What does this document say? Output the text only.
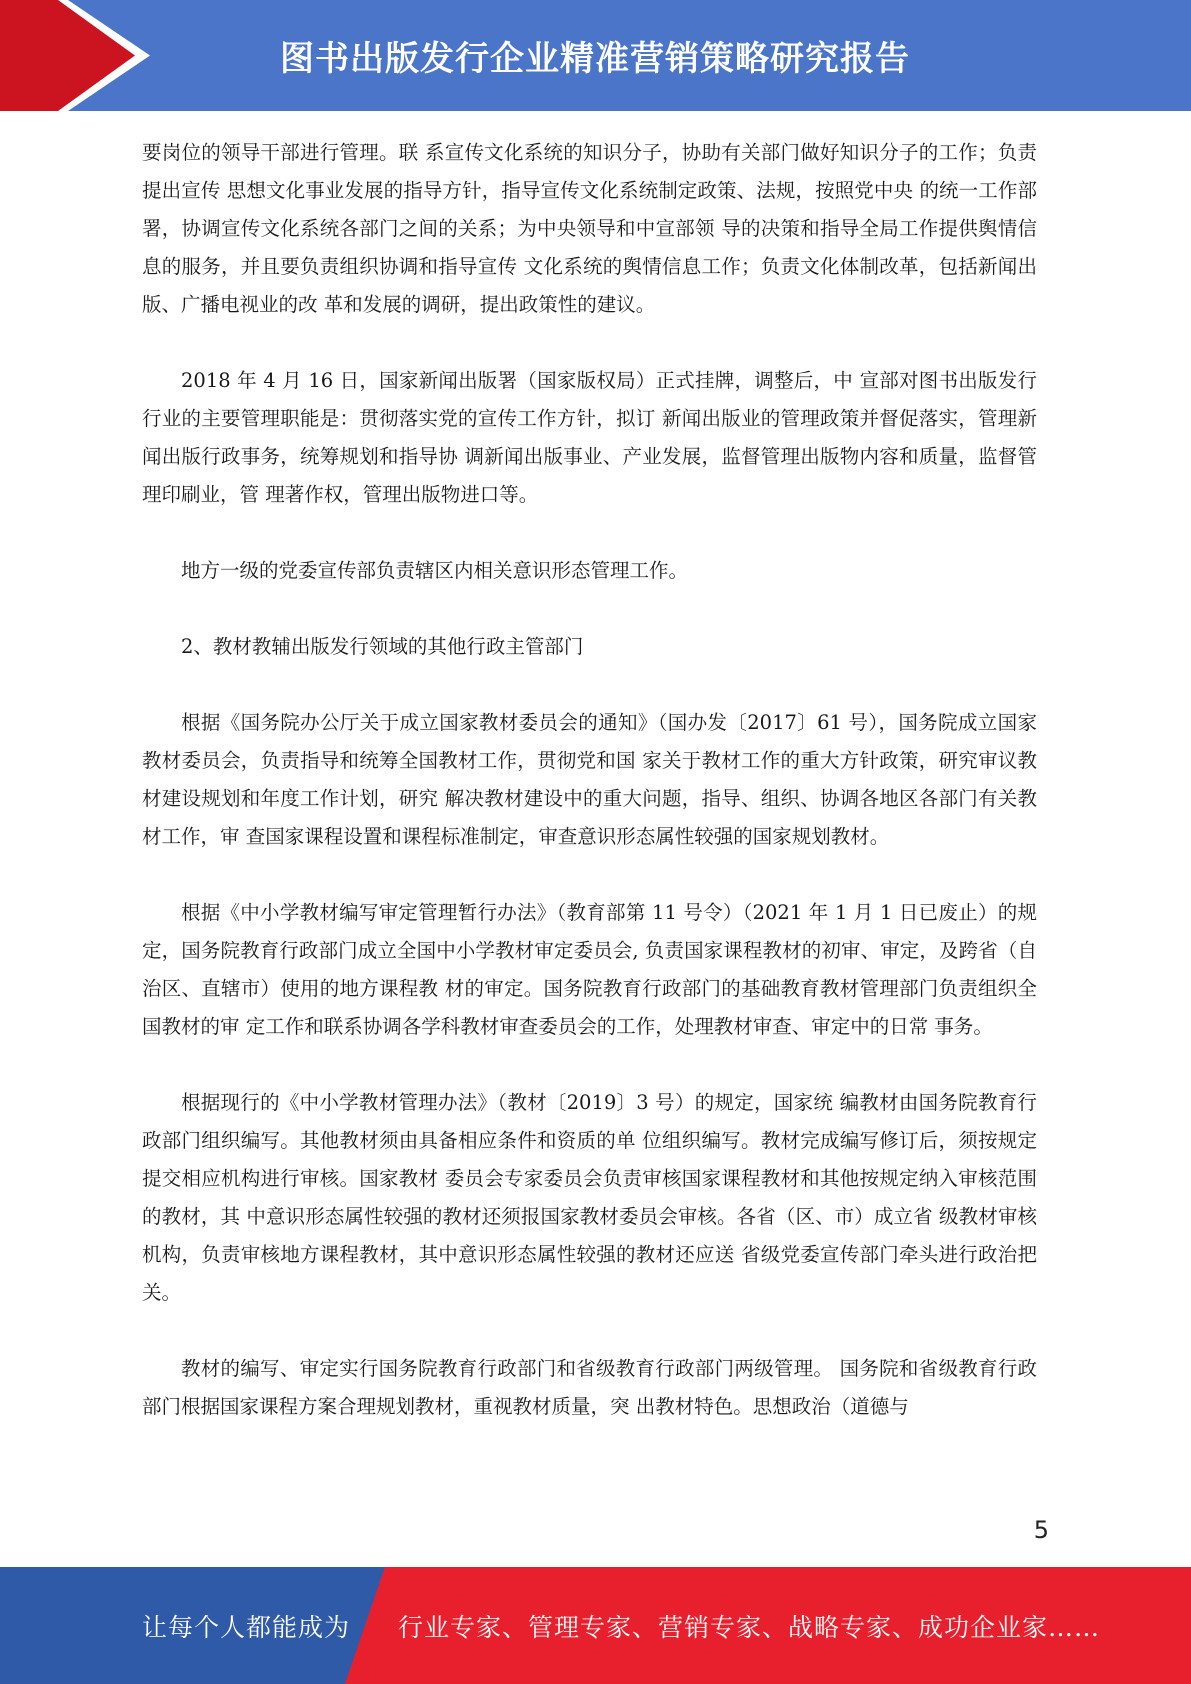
图书出版发行企业精准营销策略研究报告

要岗位的领导干部进行管理。联 系宣传文化系统的知识分子，协助有关部门做好知识分子的工作；负责提出宣传 思想文化事业发展的指导方针，指导宣传文化系统制定政策、法规，按照党中央 的统一工作部署，协调宣传文化系统各部门之间的关系；为中央领导和中宣部领 导的决策和指导全局工作提供舆情信息的服务，并且要负责组织协调和指导宣传 文化系统的舆情信息工作；负责文化体制改革，包括新闻出版、广播电视业的改 革和发展的调研，提出政策性的建议。

2018 年 4 月 16 日，国家新闻出版署（国家版权局）正式挂牌，调整后，中 宣部对图书出版发行行业的主要管理职能是：贯彻落实党的宣传工作方针，拟订 新闻出版业的管理政策并督促落实，管理新闻出版行政事务，统筹规划和指导协 调新闻出版事业、产业发展，监督管理出版物内容和质量，监督管理印刷业，管 理著作权，管理出版物进口等。

地方一级的党委宣传部负责辖区内相关意识形态管理工作。

2、教材教辅出版发行领域的其他行政主管部门

根据《国务院办公厅关于成立国家教材委员会的通知》（国办发〔2017〕61 号），国务院成立国家教材委员会，负责指导和统筹全国教材工作，贯彻党和国 家关于教材工作的重大方针政策，研究审议教材建设规划和年度工作计划，研究 解决教材建设中的重大问题，指导、组织、协调各地区各部门有关教材工作，审 查国家课程设置和课程标准制定，审查意识形态属性较强的国家规划教材。

根据《中小学教材编写审定管理暂行办法》（教育部第 11 号令）（2021 年 1 月 1 日已废止）的规定，国务院教育行政部门成立全国中小学教材审定委员会, 负责国家课程教材的初审、审定，及跨省（自治区、直辖市）使用的地方课程教 材的审定。国务院教育行政部门的基础教育教材管理部门负责组织全国教材的审 定工作和联系协调各学科教材审查委员会的工作，处理教材审查、审定中的日常 事务。

根据现行的《中小学教材管理办法》（教材〔2019〕3 号）的规定，国家统 编教材由国务院教育行政部门组织编写。其他教材须由具备相应条件和资质的单 位组织编写。教材完成编写修订后，须按规定提交相应机构进行审核。国家教材 委员会专家委员会负责审核国家课程教材和其他按规定纳入审核范围的教材，其 中意识形态属性较强的教材还须报国家教材委员会审核。各省（区、市）成立省 级教材审核机构，负责审核地方课程教材，其中意识形态属性较强的教材还应送 省级党委宣传部门牵头进行政治把关。

教材的编写、审定实行国务院教育行政部门和省级教育行政部门两级管理。 国务院和省级教育行政部门根据国家课程方案合理规划教材，重视教材质量，突 出教材特色。思想政治（道德与

5
让每个人都能成为 行业专家、管理专家、营销专家、战略专家、成功企业家……
